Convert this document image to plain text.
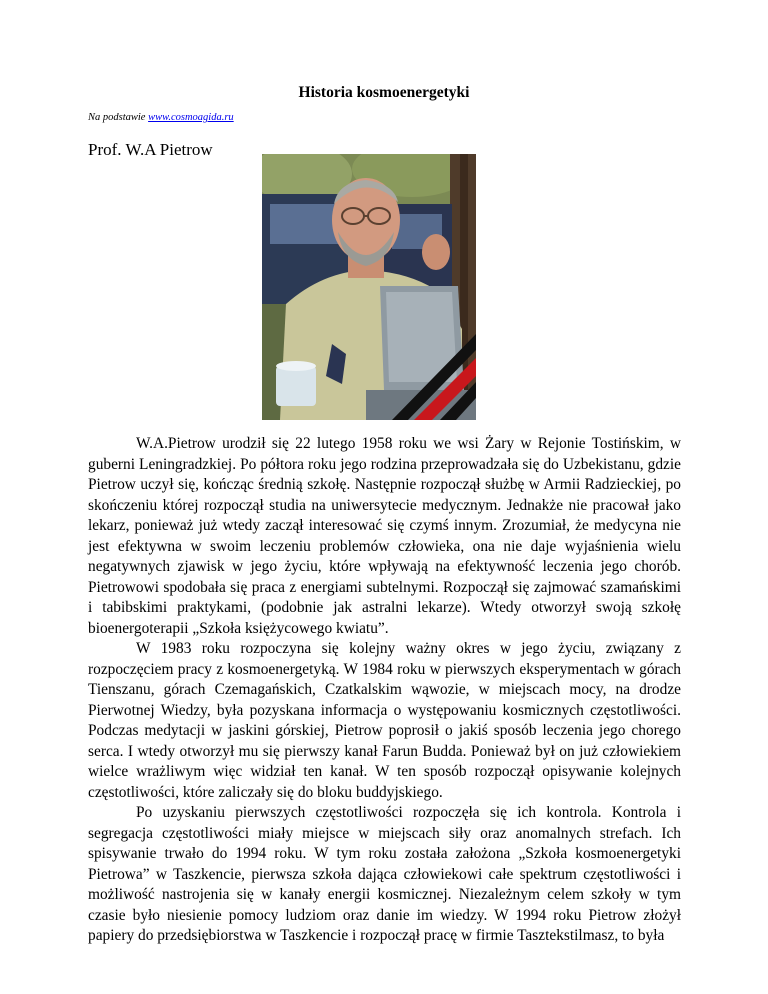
Historia kosmoenergetyki
Na podstawie www.cosmoagida.ru
Prof. W.A Pietrow

W.A.Pietrow urodził się 22 lutego 1958 roku we wsi Żary w Rejonie Tostińskim, w guberni Leningradzkiej. Po półtora roku jego rodzina przeprowadzała się do Uzbekistanu, gdzie Pietrow uczył się, kończąc średnią szkołę. Następnie rozpoczął służbę w Armii Radzieckiej, po skończeniu której rozpoczął studia na uniwersytecie medycznym. Jednakże nie pracował jako lekarz, ponieważ już wtedy zaczął interesować się czymś innym. Zrozumiał, że medycyna nie jest efektywna w swoim leczeniu problemów człowieka, ona nie daje wyjaśnienia wielu negatywnych zjawisk w jego życiu, które wpływają na efektywność leczenia jego chorób. Pietrowowi spodobała się praca z energiami subtelnymi. Rozpoczął się zajmować szamańskimi i tabibskimi praktykami, (podobnie jak astralni lekarze). Wtedy otworzył swoją szkołę bioenergoterapii „Szkoła księżycowego kwiatu”.

W 1983 roku rozpoczyna się kolejny ważny okres w jego życiu, związany z rozpoczęciem pracy z kosmoenergetyką. W 1984 roku w pierwszych eksperymentach w górach Tienszanu, górach Czemagańskich, Czatkalskim wąwozie, w miejscach mocy, na drodze Pierwotnej Wiedzy, była pozyskana informacja o występowaniu kosmicznych częstotliwości. Podczas medytacji w jaskini górskiej, Pietrow poprosił o jakiś sposób leczenia jego chorego serca. I wtedy otworzył mu się pierwszy kanał Farun Budda. Ponieważ był on już człowiekiem wielce wrażliwym więc widział ten kanał. W ten sposób rozpoczął opisywanie kolejnych częstotliwości, które zaliczały się do bloku buddyjskiego.

Po uzyskaniu pierwszych częstotliwości rozpoczęła się ich kontrola. Kontrola i segregacja częstotliwości miały miejsce w miejscach siły oraz anomalnych strefach. Ich spisywanie trwało do 1994 roku. W tym roku została założona „Szkoła kosmoenergetyki Pietrowa” w Taszkencie, pierwsza szkoła dająca człowiekowi całe spektrum częstotliwości i możliwość nastrojenia się w kanały energii kosmicznej. Niezależnym celem szkoły w tym czasie było niesienie pomocy ludziom oraz danie im wiedzy. W 1994 roku Pietrow złożył papiery do przedsiębiorstwa w Taszkencie i rozpoczął pracę w firmie Tasztekstilmasz, to była
